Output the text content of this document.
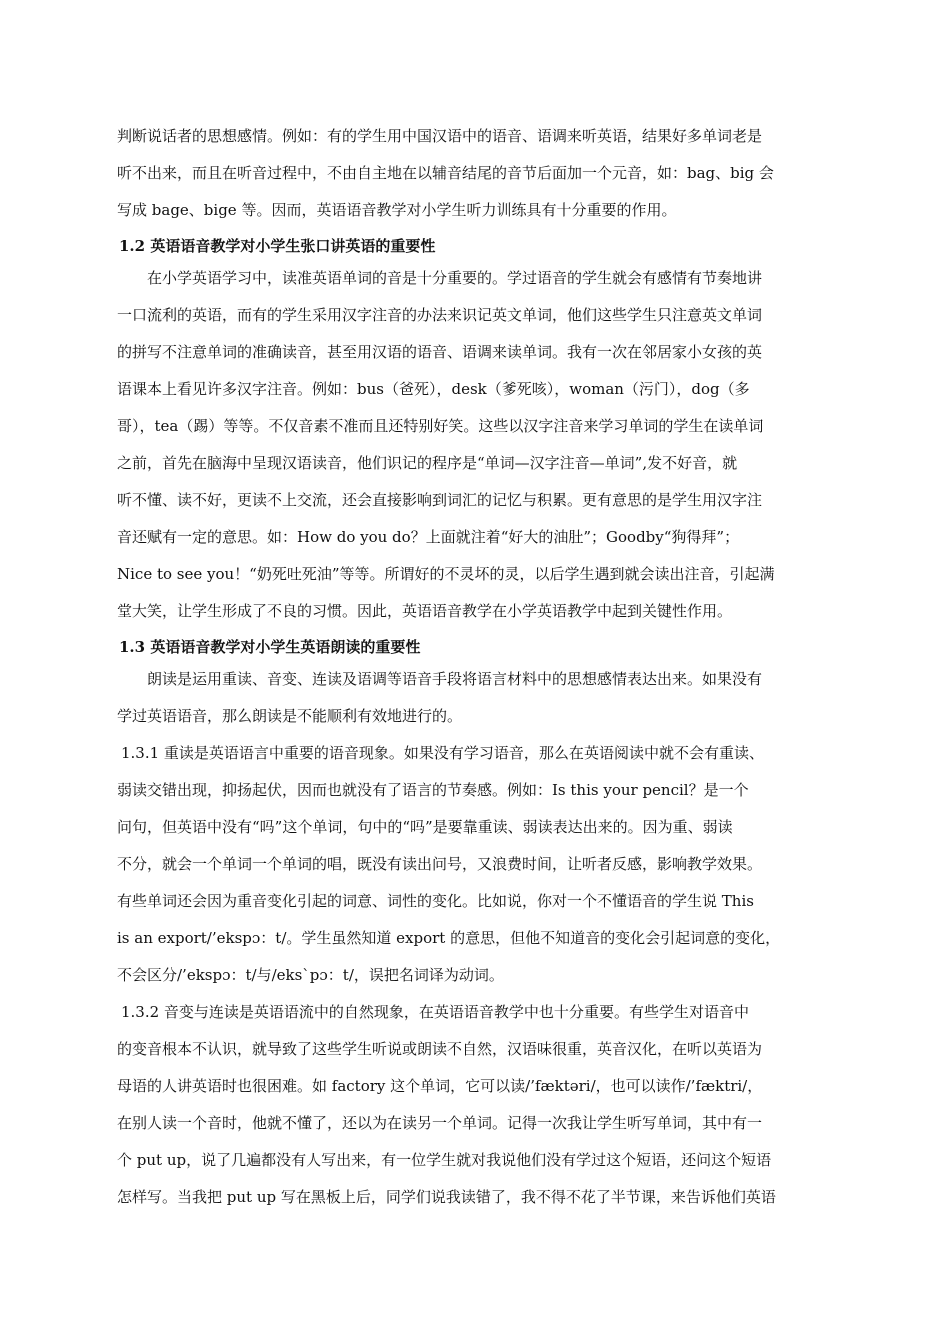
判断说话者的思想感情。例如：有的学生用中国汉语中的语音、语调来听英语，结果好多单词老是
听不出来，而且在听音过程中，不由自主地在以辅音结尾的音节后面加一个元音，如：bag、big 会
写成 bage、bige 等。因而，英语语音教学对小学生听力训练具有十分重要的作用。
1.2 英语语音教学对小学生张口讲英语的重要性
在小学英语学习中，读准英语单词的音是十分重要的。学过语音的学生就会有感情有节奏地讲
一口流利的英语，而有的学生采用汉字注音的办法来识记英文单词，他们这些学生只注意英文单词
的拼写不注意单词的准确读音，甚至用汉语的语音、语调来读单词。我有一次在邻居家小女孩的英
语课本上看见许多汉字注音。例如：bus（爸死），desk（爹死咳），woman（污门），dog（多
哥），tea（踢）等等。不仅音素不准而且还特别好笑。这些以汉字注音来学习单词的学生在读单词
之前，首先在脑海中呈现汉语读音，他们识记的程序是“单词—汉字注音—单词”,发不好音，就
听不懂、读不好，更读不上交流，还会直接影响到词汇的记忆与积累。更有意思的是学生用汉字注
音还赋有一定的意思。如：How do you do？上面就注着“好大的油肚”；Goodby“狗得拜”；
Nice to see you！“奶死吐死油”等等。所谓好的不灵坏的灵，以后学生遇到就会读出注音，引起满
堂大笑，让学生形成了不良的习惯。因此，英语语音教学在小学英语教学中起到关键性作用。
1.3 英语语音教学对小学生英语朗读的重要性
朗读是运用重读、音变、连读及语调等语音手段将语言材料中的思想感情表达出来。如果没有
学过英语语音，那么朗读是不能顺利有效地进行的。
1.3.1 重读是英语语言中重要的语音现象。如果没有学习语音，那么在英语阅读中就不会有重读、
弱读交错出现，抑扬起伏，因而也就没有了语言的节奏感。例如：Is this your pencil？是一个
问句，但英语中没有“吗”这个单词，句中的“吗”是要靠重读、弱读表达出来的。因为重、弱读
不分，就会一个单词一个单词的唱，既没有读出问号，又浪费时间，让听者反感，影响教学效果。
有些单词还会因为重音变化引起的词意、词性的变化。比如说，你对一个不懂语音的学生说 This
is an export/’ekspɔ：t/。学生虽然知道 export 的意思，但他不知道音的变化会引起词意的变化，
不会区分/’ekspɔ：t/与/eks`pɔ：t/，误把名词译为动词。
1.3.2 音变与连读是英语语流中的自然现象，在英语语音教学中也十分重要。有些学生对语音中
的变音根本不认识，就导致了这些学生听说或朗读不自然，汉语味很重，英音汉化，在听以英语为
母语的人讲英语时也很困难。如 factory 这个单词，它可以读/’fæktəri/，也可以读作/’fæktri/，
在别人读一个音时，他就不懂了，还以为在读另一个单词。记得一次我让学生听写单词，其中有一
个 put up，说了几遍都没有人写出来，有一位学生就对我说他们没有学过这个短语，还问这个短语
怎样写。当我把 put up 写在黑板上后，同学们说我读错了，我不得不花了半节课，来告诉他们英语
